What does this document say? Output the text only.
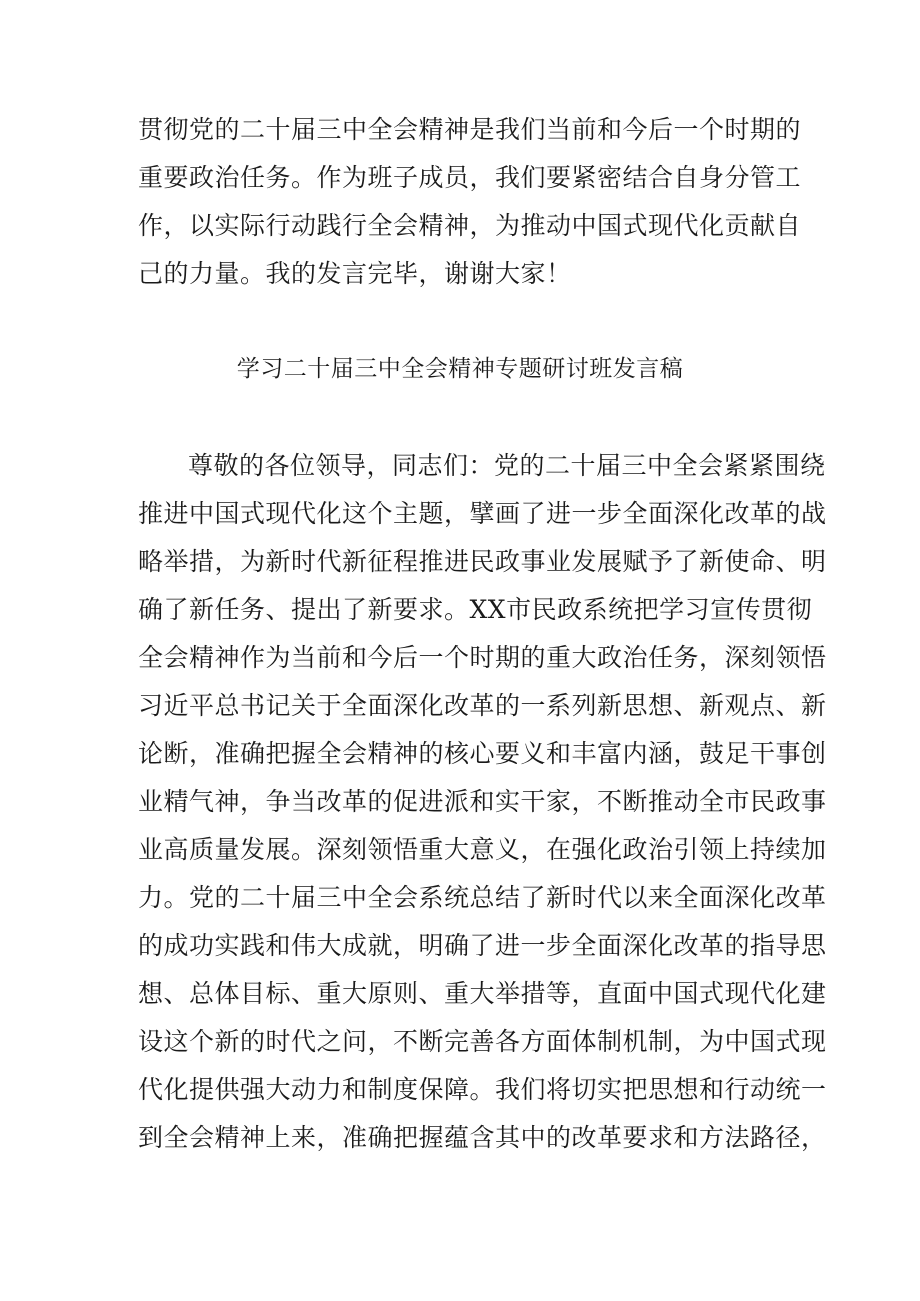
贯彻党的二十届三中全会精神是我们当前和今后一个时期的
重要政治任务。作为班子成员，我们要紧密结合自身分管工
作，以实际行动践行全会精神，为推动中国式现代化贡献自
己的力量。我的发言完毕，谢谢大家！
学习二十届三中全会精神专题研讨班发言稿
尊敬的各位领导，同志们：党的二十届三中全会紧紧围绕
推进中国式现代化这个主题，擘画了进一步全面深化改革的战
略举措，为新时代新征程推进民政事业发展赋予了新使命、明
确了新任务、提出了新要求。XX市民政系统把学习宣传贯彻
全会精神作为当前和今后一个时期的重大政治任务，深刻领悟
习近平总书记关于全面深化改革的一系列新思想、新观点、新
论断，准确把握全会精神的核心要义和丰富内涵，鼓足干事创
业精气神，争当改革的促进派和实干家，不断推动全市民政事
业高质量发展。深刻领悟重大意义，在强化政治引领上持续加
力。党的二十届三中全会系统总结了新时代以来全面深化改革
的成功实践和伟大成就，明确了进一步全面深化改革的指导思
想、总体目标、重大原则、重大举措等，直面中国式现代化建
设这个新的时代之问，不断完善各方面体制机制，为中国式现
代化提供强大动力和制度保障。我们将切实把思想和行动统一
到全会精神上来，准确把握蕴含其中的改革要求和方法路径，
